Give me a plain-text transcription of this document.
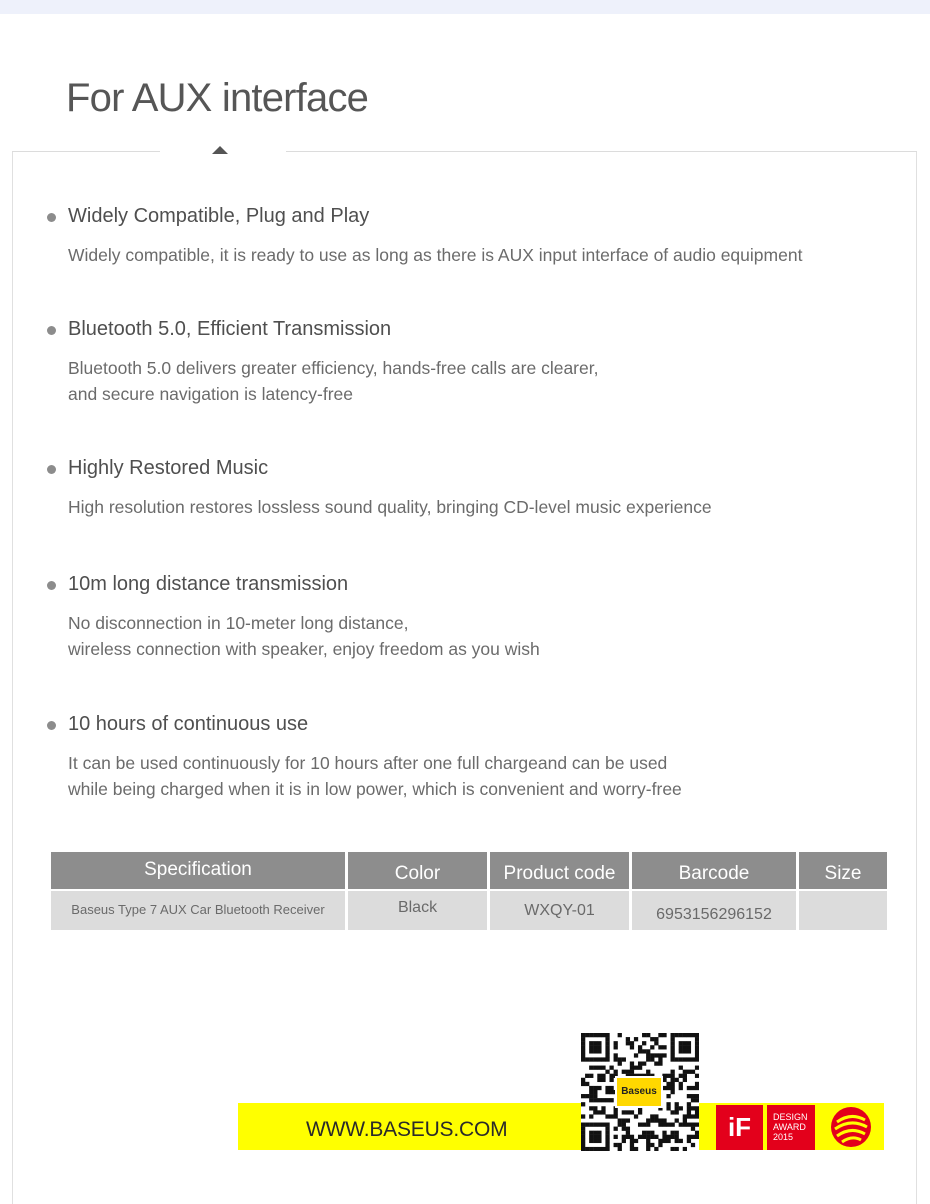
For AUX interface
Widely Compatible, Plug and Play

Widely compatible, it is ready to use as long as there is AUX input interface of audio equipment

Bluetooth 5.0, Efficient Transmission

Bluetooth 5.0 delivers greater efficiency, hands-free calls are clearer,
and secure navigation is latency-free

Highly Restored Music

High resolution restores lossless sound quality, bringing CD-level music experience

10m long distance transmission

No disconnection in 10-meter long distance,
wireless connection with speaker, enjoy freedom as you wish

10 hours of continuous use

It can be used continuously for 10 hours after one full chargeand can be used
while being charged when it is in low power, which is convenient and worry-free

Specification	Color	Product code	Barcode	Size
Baseus Type 7 AUX Car Bluetooth Receiver	Black	WXQY-01	6953156296152	
WWW.BASEUS.COM
Baseus
iF	DESIGN
AWARD
2015
